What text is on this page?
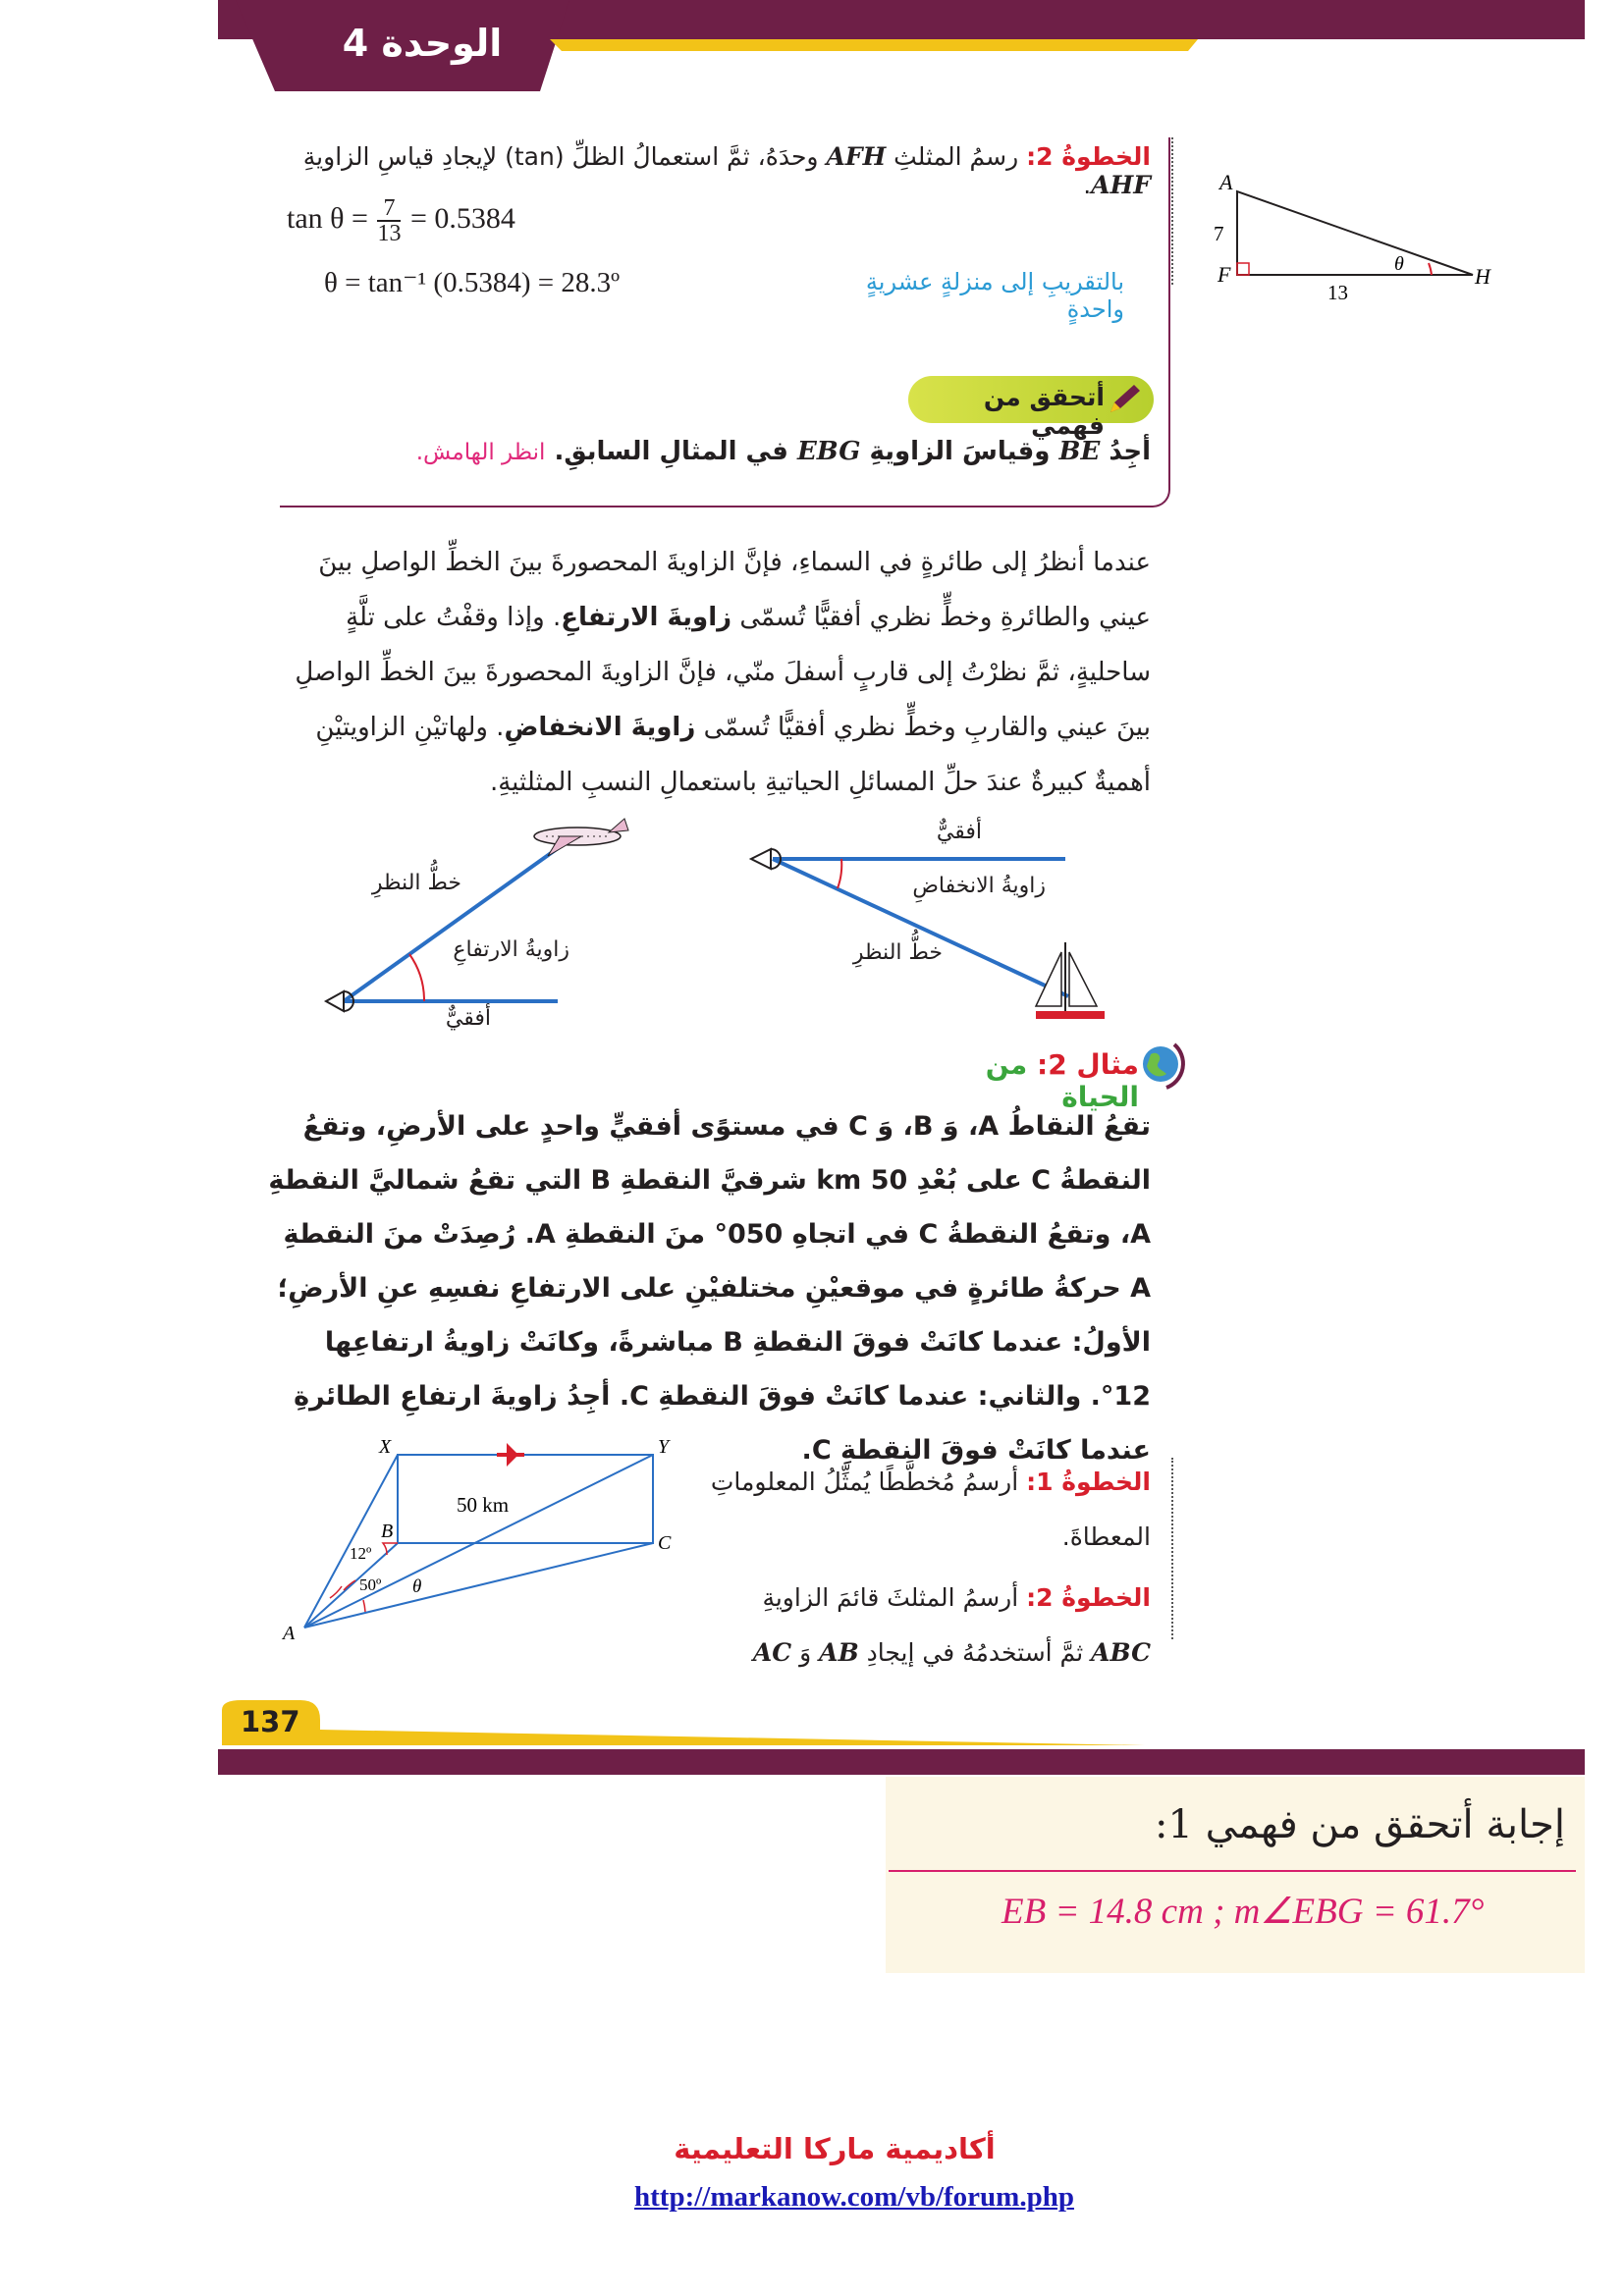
الوحدة 4
الخطوةُ 2: رسمُ المثلثِ AFH وحدَهُ، ثمَّ استعمالُ الظلِّ (tan) لإيجادِ قياسِ الزاويةِ AHF.
$\tan \theta = \frac{7}{13} = 0.5384$
θ = tan⁻¹ (0.5384) = 28.3º	بالتقريبِ إلى منزلةٍ عشريةٍ واحدةٍ
A
F	H
7
13
θ
أتحقق من فهمي
أجِدُ BE وقياسَ الزاويةِ EBG في المثالِ السابقِ. انظر الهامش.
عندما أنظرُ إلى طائرةٍ في السماءِ، فإنَّ الزاويةَ المحصورةَ بينَ الخطِّ الواصلِ بينَ عيني والطائرةِ وخطٍّ نظري أفقيًّا تُسمّى زاويةَ الارتفاعِ. وإذا وقفْتُ على تلَّةٍ ساحليةٍ، ثمَّ نظرْتُ إلى قاربٍ أسفلَ منّي، فإنَّ الزاويةَ المحصورةَ بينَ الخطِّ الواصلِ بينَ عيني والقاربِ وخطٍّ نظري أفقيًّا تُسمّى زاويةَ الانخفاضِ. ولهاتيْنِ الزاويتيْنِ أهميةٌ كبيرةٌ عندَ حلِّ المسائلِ الحياتيةِ باستعمالِ النسبِ المثلثيةِ.
خطُّ النظرِ
زاويةُ الارتفاعِ
أفقيٌّ
أفقيٌّ
زاويةُ الانخفاضِ
خطُّ النظرِ
مثال 2: من الحياة
تقعُ النقاطُ A، وَ B، وَ C في مستوًى أفقيٍّ واحدٍ على الأرضِ، وتقعُ النقطةُ C على بُعْدِ 50 km شرقيَّ النقطةِ B التي تقعُ شماليَّ النقطةِ A، وتقعُ النقطةُ C في اتجاهِ 050° منَ النقطةِ A. رُصِدَتْ منَ النقطةِ A حركةُ طائرةٍ في موقعيْنِ مختلفيْنِ على الارتفاعِ نفسِهِ عنِ الأرضِ؛ الأولُ: عندما كانَتْ فوقَ النقطةِ B مباشرةً، وكانَتْ زاويةُ ارتفاعِها 12°. والثاني: عندما كانَتْ فوقَ النقطةِ C. أجِدُ زاويةَ ارتفاعِ الطائرةِ عندما كانَتْ فوقَ النقطةِ C.
X	Y
B
C
A
50 km
12º
50º θ
الخطوةُ 1: أرسمُ مُخطَّطًا يُمثِّلُ المعلوماتِ المعطاةَ.
الخطوةُ 2: أرسمُ المثلثَ قائمَ الزاويةِ ABC ثمَّ أستخدمُهُ في إيجادِ AB وَ AC
137
إجابة أتحقق من فهمي 1:
EB = 14.8 cm ; m∠EBG = 61.7°
أكاديمية ماركا التعليمية
http://markanow.com/vb/forum.php
